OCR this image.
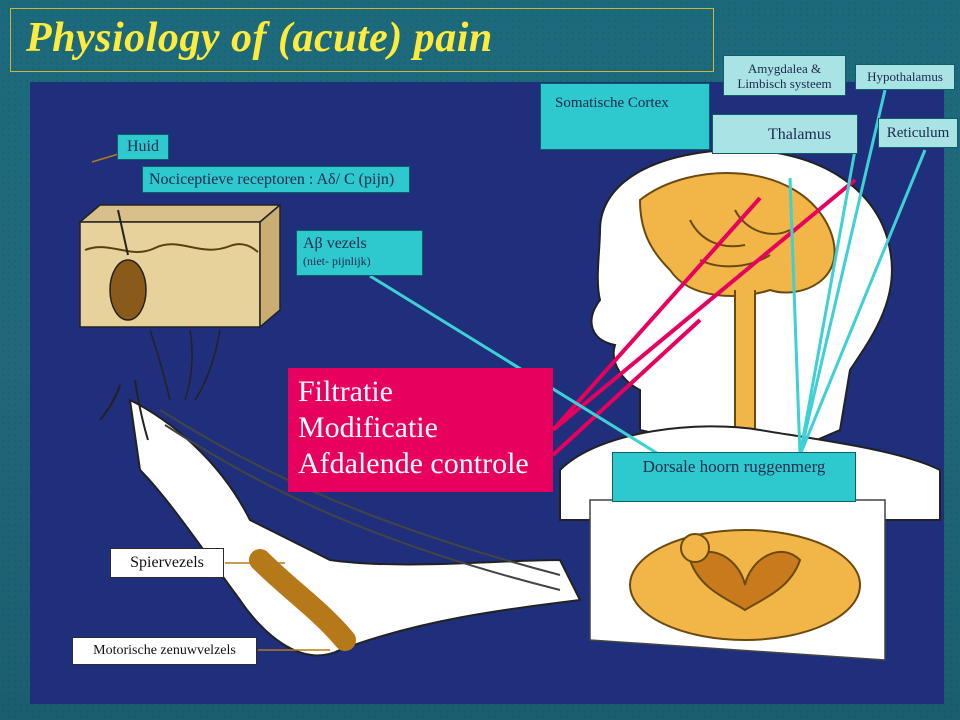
Physiology of (acute) pain
Huid
Nociceptieve receptoren : Aδ/ C (pijn)
Aβ vezels
(niet- pijnlijk)
Somatische Cortex
Amygdalea &
Limbisch systeem	Hypothalamus
Thalamus	Reticulum
Filtratie
Modificatie
Afdalende controle	Dorsale hoorn ruggenmerg
Spiervezels
Motorische zenuwvelzels
